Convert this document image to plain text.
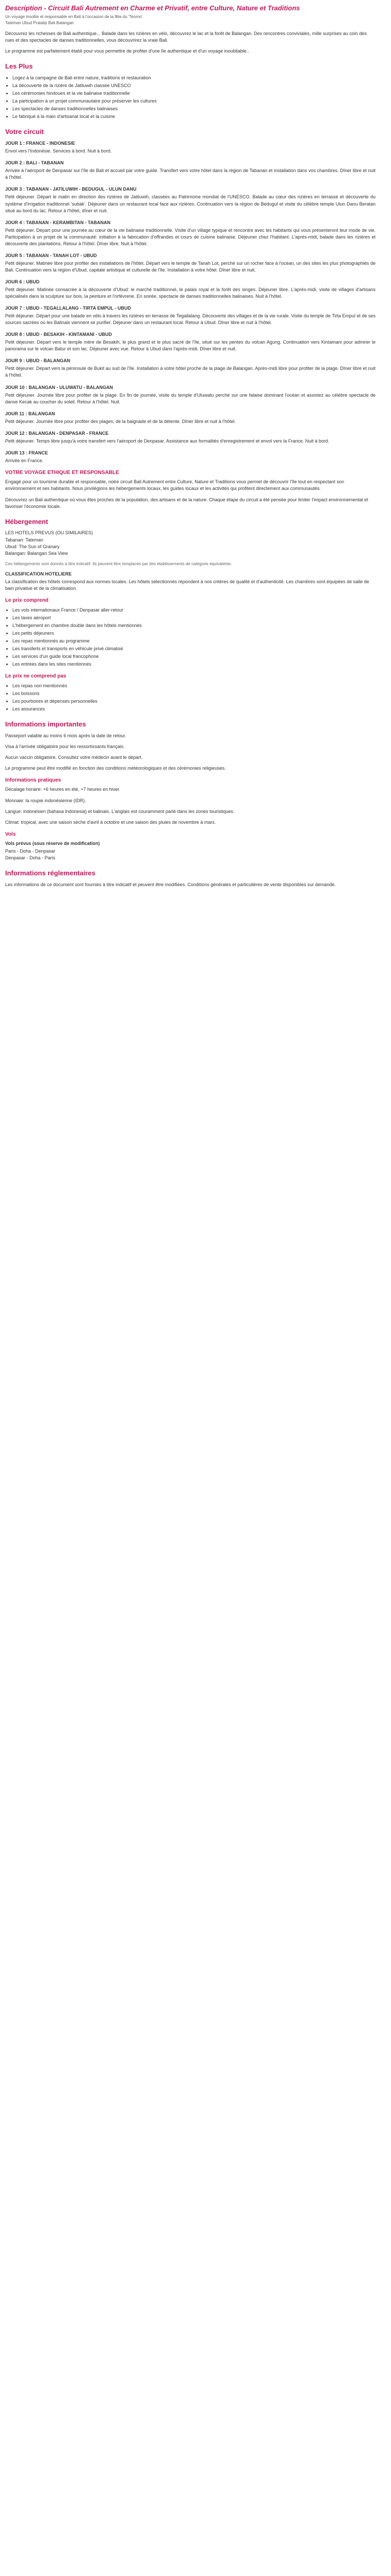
Description - Circuit Bali Autrement en Charme et Privatif, entre Culture, Nature et Traditions
Un voyage insolite et responsable en Bali à l'occasion de la fête du 'Teomo'
Tateman Ubud Pralatip Bali Balangan

Découvrez les richesses de Bali authentique... Balade dans les rizières en vélo, découvrez le lac et la forêt de Balangan. Des rencontres conviviales, mille surprises au coin des rues et des spectacles de danses traditionnelles, vous découvrirez la vraie Bali.

Le programme est parfaitement établi pour vous permettre de profiter d'une île authentique et d'un voyage inoubliable..

Les Plus
• Logez à la campagne de Bali entre nature, traditions et restauration
• La découverte de la rizière de Jatiluwih classée UNESCO
• Les cérémonies hindoues et la vie balinaise traditionnelle
• La participation à un projet communautaire pour préserver les cultures
• Les spectacles de danses traditionnelles balinaises
• Le fabriqué à la main d'artisanat local et la cuisine
Votre circuit
JOUR 1 : FRANCE - INDONESIE

Envol vers l'Indonésie. Services à bord. Nuit à bord.

JOUR 2 : BALI - TABANAN

Arrivée à l'aéroport de Denpasar sur l'île de Bali et accueil par votre guide. Transfert vers votre hôtel dans la région de Tabanan et installation dans vos chambres. Dîner libre et nuit à l'hôtel.

JOUR 3 : TABANAN - JATILUWIH - BEDUGUL - ULUN DANU

Petit déjeuner. Départ le matin en direction des rizières de Jatiluwih, classées au Patrimoine mondial de l'UNESCO. Balade au cœur des rizières en terrasse et découverte du système d'irrigation traditionnel 'subak'. Déjeuner dans un restaurant local face aux rizières. Continuation vers la région de Bedugul et visite du célèbre temple Ulun Danu Beratan situé au bord du lac. Retour à l'hôtel, dîner et nuit.

JOUR 4 : TABANAN - KERAMBITAN - TABANAN

Petit déjeuner. Départ pour une journée au cœur de la vie balinaise traditionnelle. Visite d'un village typique et rencontre avec les habitants qui vous présenteront leur mode de vie. Participation à un projet de la communauté: initiation à la fabrication d'offrandes et cours de cuisine balinaise. Déjeuner chez l'habitant. L'après-midi, balade dans les rizières et découverte des plantations. Retour à l'hôtel. Dîner libre. Nuit à l'hôtel.

JOUR 5 : TABANAN - TANAH LOT - UBUD

Petit déjeuner. Matinée libre pour profiter des installations de l'hôtel. Départ vers le temple de Tanah Lot, perché sur un rocher face à l'océan, un des sites les plus photographiés de Bali. Continuation vers la région d'Ubud, capitale artistique et culturelle de l'île. Installation à votre hôtel. Dîner libre et nuit.

JOUR 6 : UBUD

Petit déjeuner. Matinée consacrée à la découverte d'Ubud: le marché traditionnel, le palais royal et la forêt des singes. Déjeuner libre. L'après-midi, visite de villages d'artisans spécialisés dans la sculpture sur bois, la peinture et l'orfèvrerie. En soirée, spectacle de danses traditionnelles balinaises. Nuit à l'hôtel.

JOUR 7 : UBUD - TEGALLALANG - TIRTA EMPUL - UBUD

Petit déjeuner. Départ pour une balade en vélo à travers les rizières en terrasse de Tegallalang. Découverte des villages et de la vie rurale. Visite du temple de Tirta Empul et de ses sources sacrées où les Balinais viennent se purifier. Déjeuner dans un restaurant local. Retour à Ubud. Dîner libre et nuit à l'hôtel.

JOUR 8 : UBUD - BESAKIH - KINTAMANI - UBUD

Petit déjeuner. Départ vers le temple mère de Besakih, le plus grand et le plus sacré de l'île, situé sur les pentes du volcan Agung. Continuation vers Kintamani pour admirer le panorama sur le volcan Batur et son lac. Déjeuner avec vue. Retour à Ubud dans l'après-midi. Dîner libre et nuit.

JOUR 9 : UBUD - BALANGAN

Petit déjeuner. Départ vers la péninsule de Bukit au sud de l'île. Installation à votre hôtel proche de la plage de Balangan. Après-midi libre pour profiter de la plage. Dîner libre et nuit à l'hôtel.

JOUR 10 : BALANGAN - ULUWATU - BALANGAN

Petit déjeuner. Journée libre pour profiter de la plage. En fin de journée, visite du temple d'Uluwatu perché sur une falaise dominant l'océan et assistez au célèbre spectacle de danse Kecak au coucher du soleil. Retour à l'hôtel. Nuit.

JOUR 11 : BALANGAN

Petit déjeuner. Journée libre pour profiter des plages, de la baignade et de la détente. Dîner libre et nuit à l'hôtel.

JOUR 12 : BALANGAN - DENPASAR - FRANCE

Petit déjeuner. Temps libre jusqu'à votre transfert vers l'aéroport de Denpasar. Assistance aux formalités d'enregistrement et envol vers la France. Nuit à bord.

JOUR 13 : FRANCE

Arrivée en France.

VOTRE VOYAGE ETHIQUE ET RESPONSABLE

Engagé pour un tourisme durable et responsable, notre circuit Bali Autrement entre Culture, Nature et Traditions vous permet de découvrir l'île tout en respectant son environnement et ses habitants. Nous privilégions les hébergements locaux, les guides locaux et les activités qui profitent directement aux communautés.

Découvrez un Bali authentique où vous êtes proches de la population, des artisans et de la nature. Chaque étape du circuit a été pensée pour limiter l'impact environnemental et favoriser l'économie locale.

Hébergement
LES HOTELS PREVUS (OU SIMILAIRES)
Tabanan: Tateman
Ubud: The Sun of Granary
Balangan: Balangan Sea View

Ces hébergements sont donnés à titre indicatif. Ils peuvent être remplacés par des établissements de catégorie équivalente.

CLASSIFICATION HOTELIERE

La classification des hôtels correspond aux normes locales. Les hôtels sélectionnés répondent à nos critères de qualité et d'authenticité. Les chambres sont équipées de salle de bain privative et de la climatisation.

Le prix comprend
• Les vols internationaux France / Denpasar aller-retour
• Les taxes aéroport
• L'hébergement en chambre double dans les hôtels mentionnés
• Les petits déjeuners
• Les repas mentionnés au programme
• Les transferts et transports en véhicule privé climatisé
• Les services d'un guide local francophone
• Les entrées dans les sites mentionnés
Le prix ne comprend pas
• Les repas non mentionnés
• Les boissons
• Les pourboires et dépenses personnelles
• Les assurances
Informations importantes

Passeport valable au moins 6 mois après la date de retour.

Visa à l'arrivée obligatoire pour les ressortissants français.

Aucun vaccin obligatoire. Consultez votre médecin avant le départ.

Le programme peut être modifié en fonction des conditions météorologiques et des cérémonies religieuses.

Informations pratiques

Décalage horaire: +6 heures en été, +7 heures en hiver.

Monnaie: la roupie indonésienne (IDR).

Langue: indonésien (bahasa Indonesia) et balinais. L'anglais est couramment parlé dans les zones touristiques.

Climat: tropical, avec une saison sèche d'avril à octobre et une saison des pluies de novembre à mars.

Vols
Vols prévus (sous réserve de modification)
Paris - Doha - Denpasar
Denpasar - Doha - Paris
Informations réglementaires

Les informations de ce document sont fournies à titre indicatif et peuvent être modifiées. Conditions générales et particulières de vente disponibles sur demande.
